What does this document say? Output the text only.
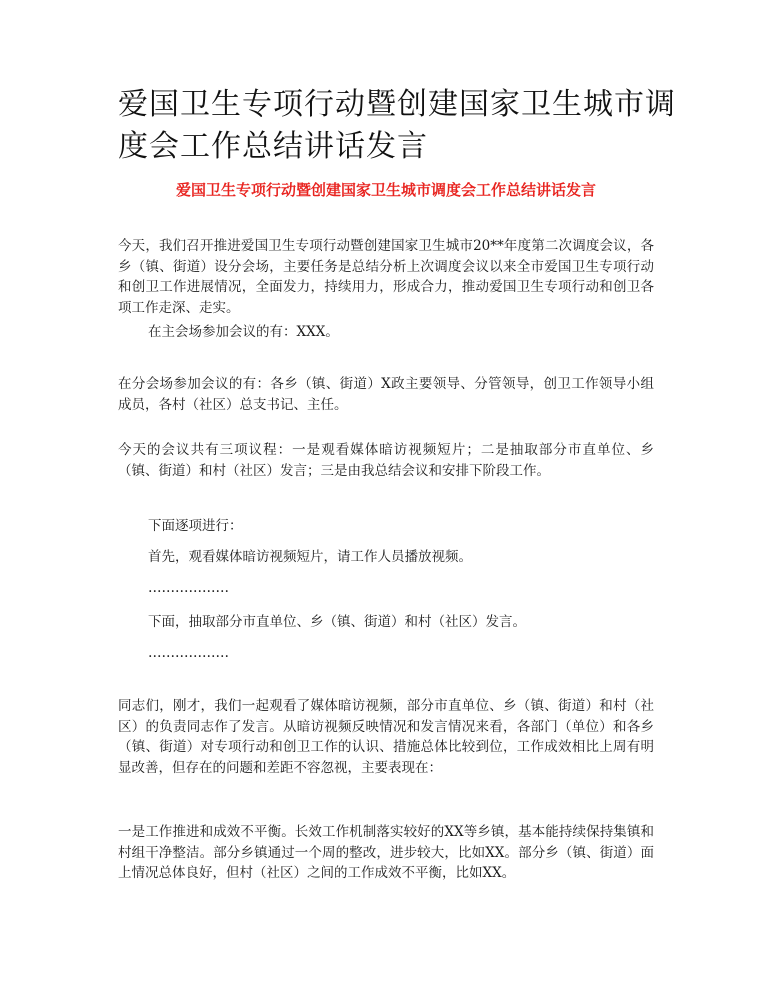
爱国卫生专项行动暨创建国家卫生城市调度会工作总结讲话发言
爱国卫生专项行动暨创建国家卫生城市调度会工作总结讲话发言

今天，我们召开推进爱国卫生专项行动暨创建国家卫生城市20**年度第二次调度会议，各乡（镇、街道）设分会场，主要任务是总结分析上次调度会议以来全市爱国卫生专项行动和创卫工作进展情况，全面发力，持续用力，形成合力，推动爱国卫生专项行动和创卫各项工作走深、走实。

在主会场参加会议的有：XXX。

在分会场参加会议的有：各乡（镇、街道）X政主要领导、分管领导，创卫工作领导小组成员，各村（社区）总支书记、主任。

今天的会议共有三项议程：一是观看媒体暗访视频短片；二是抽取部分市直单位、乡（镇、街道）和村（社区）发言；三是由我总结会议和安排下阶段工作。

下面逐项进行：

首先，观看媒体暗访视频短片，请工作人员播放视频。

………………

下面，抽取部分市直单位、乡（镇、街道）和村（社区）发言。

………………

同志们，刚才，我们一起观看了媒体暗访视频，部分市直单位、乡（镇、街道）和村（社区）的负责同志作了发言。从暗访视频反映情况和发言情况来看，各部门（单位）和各乡（镇、街道）对专项行动和创卫工作的认识、措施总体比较到位，工作成效相比上周有明显改善，但存在的问题和差距不容忽视，主要表现在：

一是工作推进和成效不平衡。长效工作机制落实较好的XX等乡镇，基本能持续保持集镇和村组干净整洁。部分乡镇通过一个周的整改，进步较大，比如XX。部分乡（镇、街道）面上情况总体良好，但村（社区）之间的工作成效不平衡，比如XX。
